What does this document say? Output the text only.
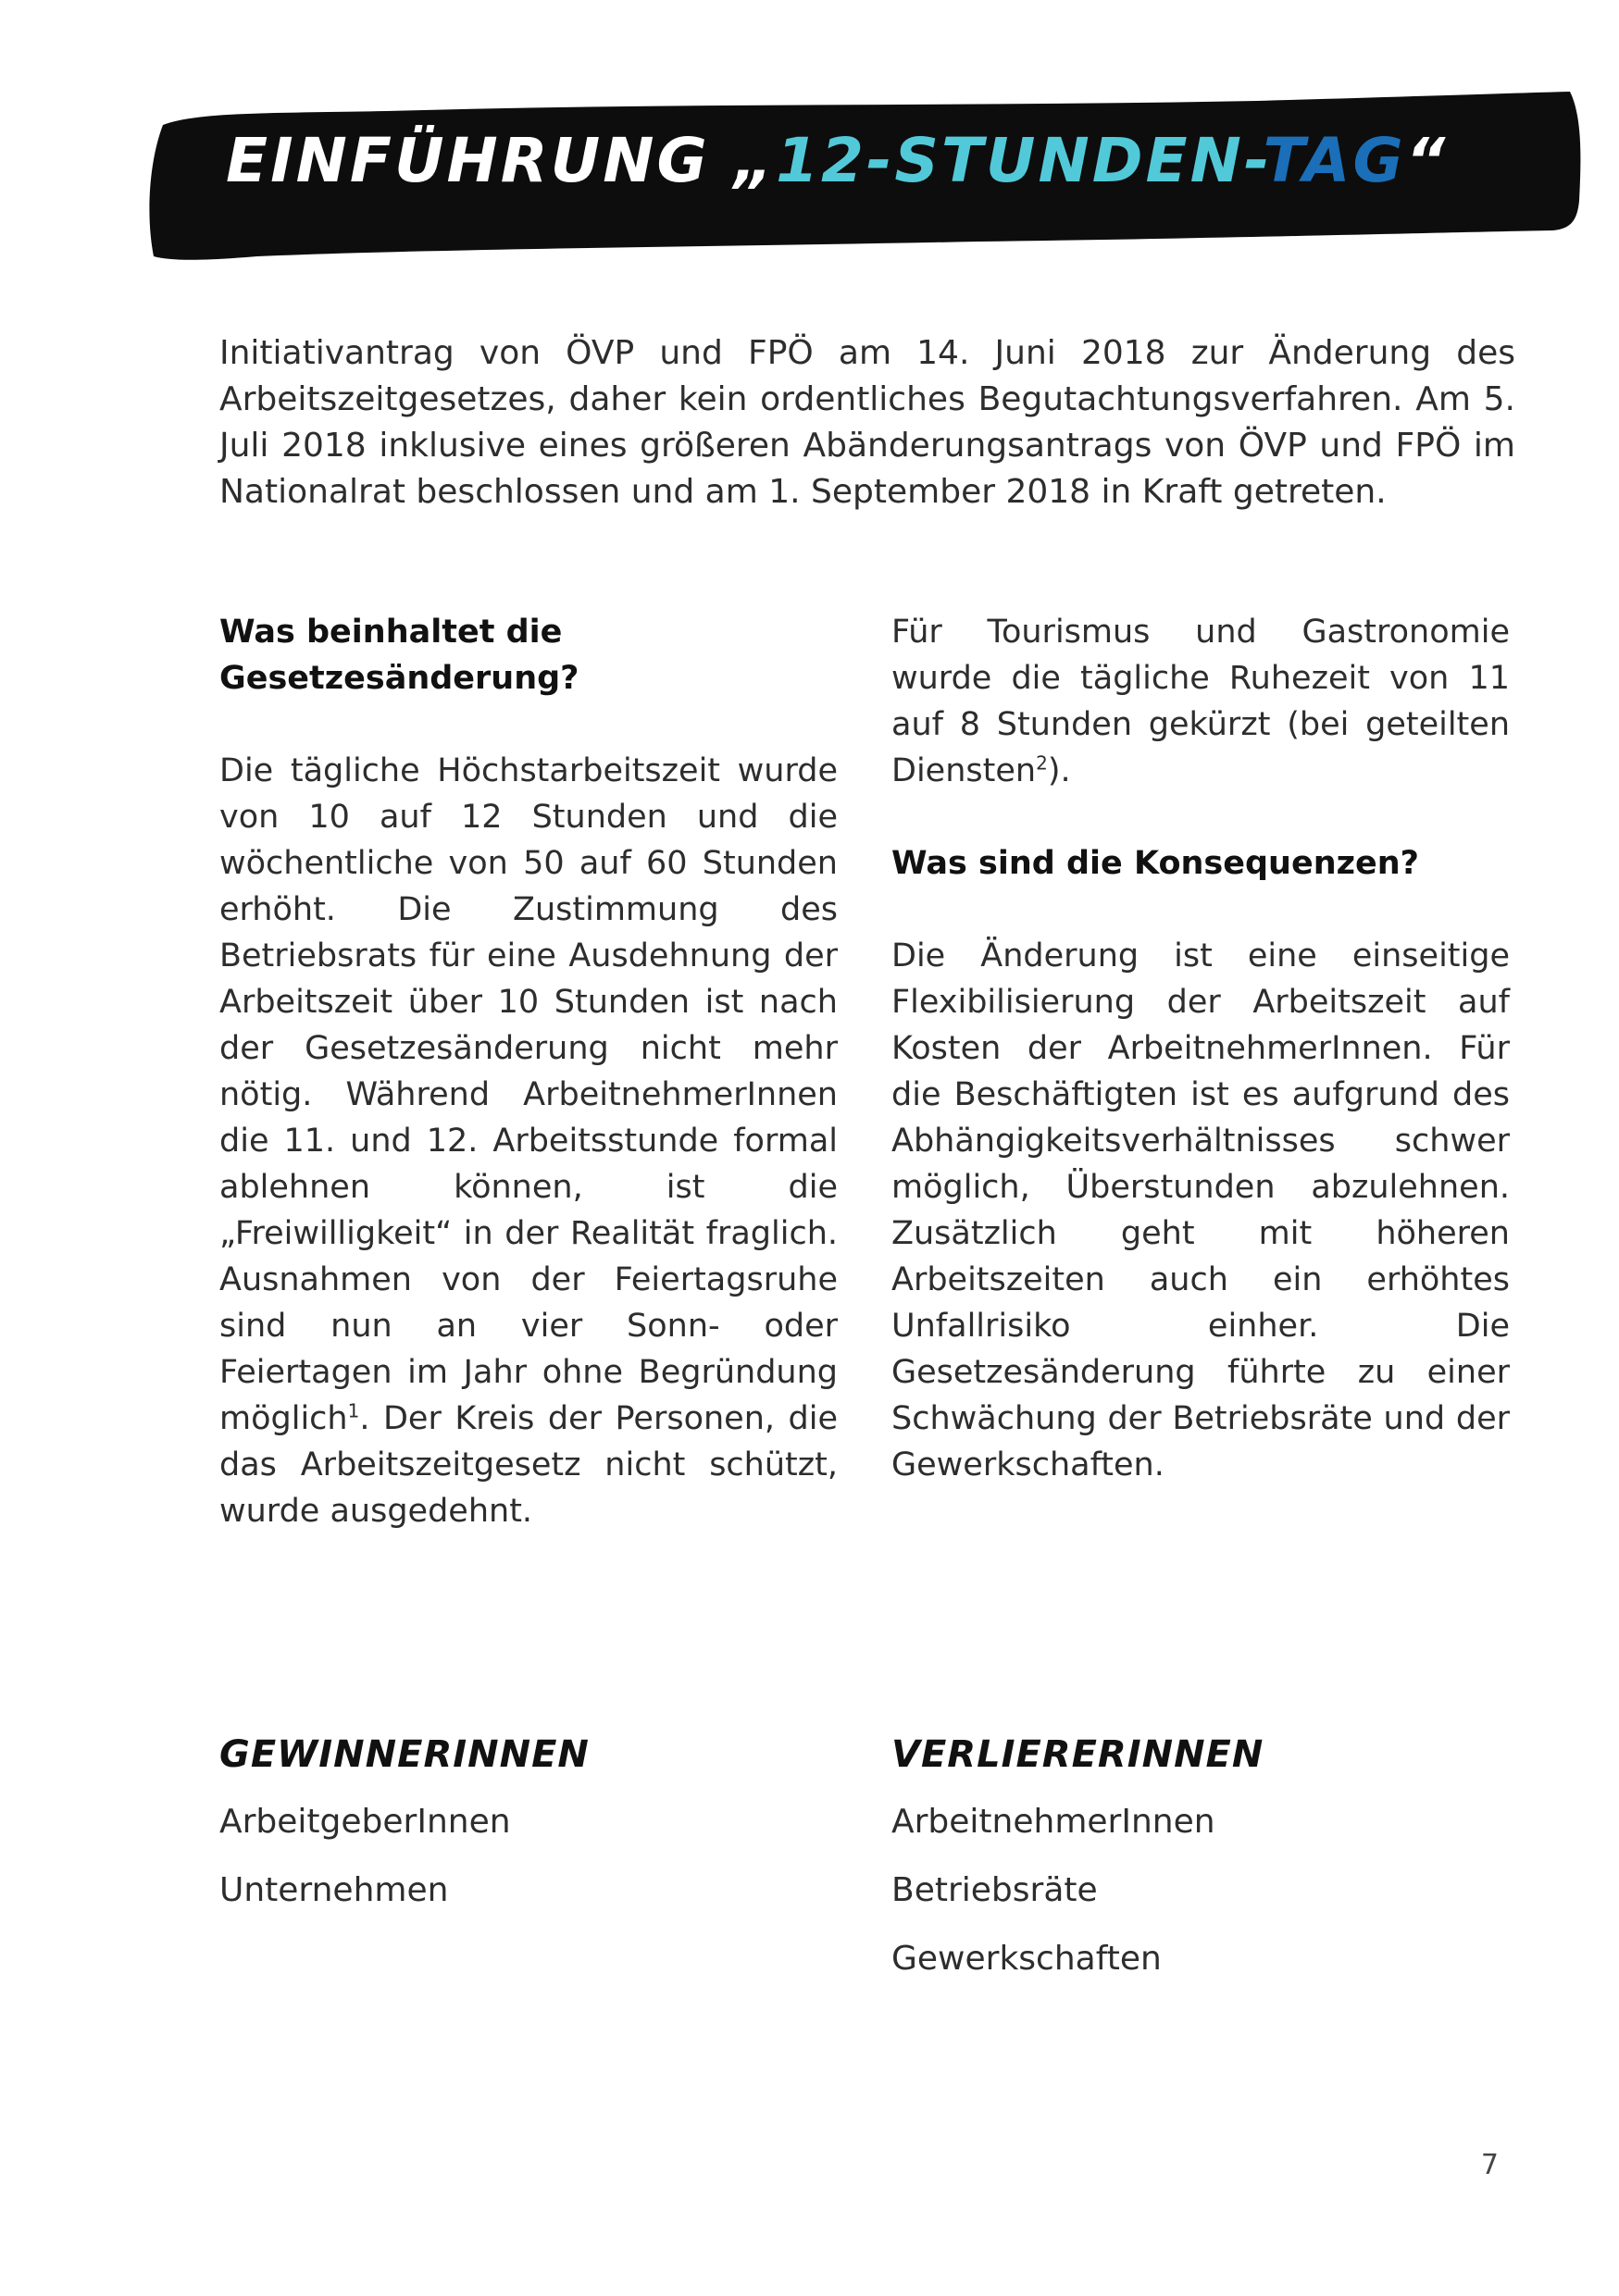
EINFÜHRUNG „12-STUNDEN-TAG“

Initiativantrag von ÖVP und FPÖ am 14. Juni 2018 zur Änderung des Arbeitszeitgesetzes, daher kein ordentliches Begutachtungsverfahren. Am 5. Juli 2018 inklusive eines größeren Abänderungsantrags von ÖVP und FPÖ im Nationalrat beschlossen und am 1. September 2018 in Kraft getreten.

Was beinhaltet die Gesetzesänderung?

Die tägliche Höchstarbeitszeit wurde von 10 auf 12 Stunden und die wöchentliche von 50 auf 60 Stunden erhöht. Die Zustimmung des Betriebsrats für eine Ausdehnung der Arbeitszeit über 10 Stunden ist nach der Gesetzesänderung nicht mehr nötig. Während ArbeitnehmerInnen die 11. und 12. Arbeitsstunde formal ablehnen können, ist die „Freiwilligkeit“ in der Realität fraglich. Ausnahmen von der Feiertagsruhe sind nun an vier Sonn- oder Feiertagen im Jahr ohne Begründung möglich$^1$. Der Kreis der Personen, die das Arbeitszeitgesetz nicht schützt, wurde ausgedehnt.

Für Tourismus und Gastronomie wurde die tägliche Ruhezeit von 11 auf 8 Stunden gekürzt (bei geteilten Diensten$^2$).

Was sind die Konsequenzen?

Die Änderung ist eine einseitige Flexibilisierung der Arbeitszeit auf Kosten der ArbeitnehmerInnen. Für die Beschäftigten ist es aufgrund des Abhängigkeitsverhältnisses schwer möglich, Überstunden abzulehnen. Zusätzlich geht mit höheren Arbeitszeiten auch ein erhöhtes Unfallrisiko einher. Die Gesetzesänderung führte zu einer Schwächung der Betriebsräte und der Gewerkschaften.

GEWINNERINNEN

ArbeitgeberInnen

Unternehmen

VERLIERERINNEN

ArbeitnehmerInnen

Betriebsräte

Gewerkschaften

7
